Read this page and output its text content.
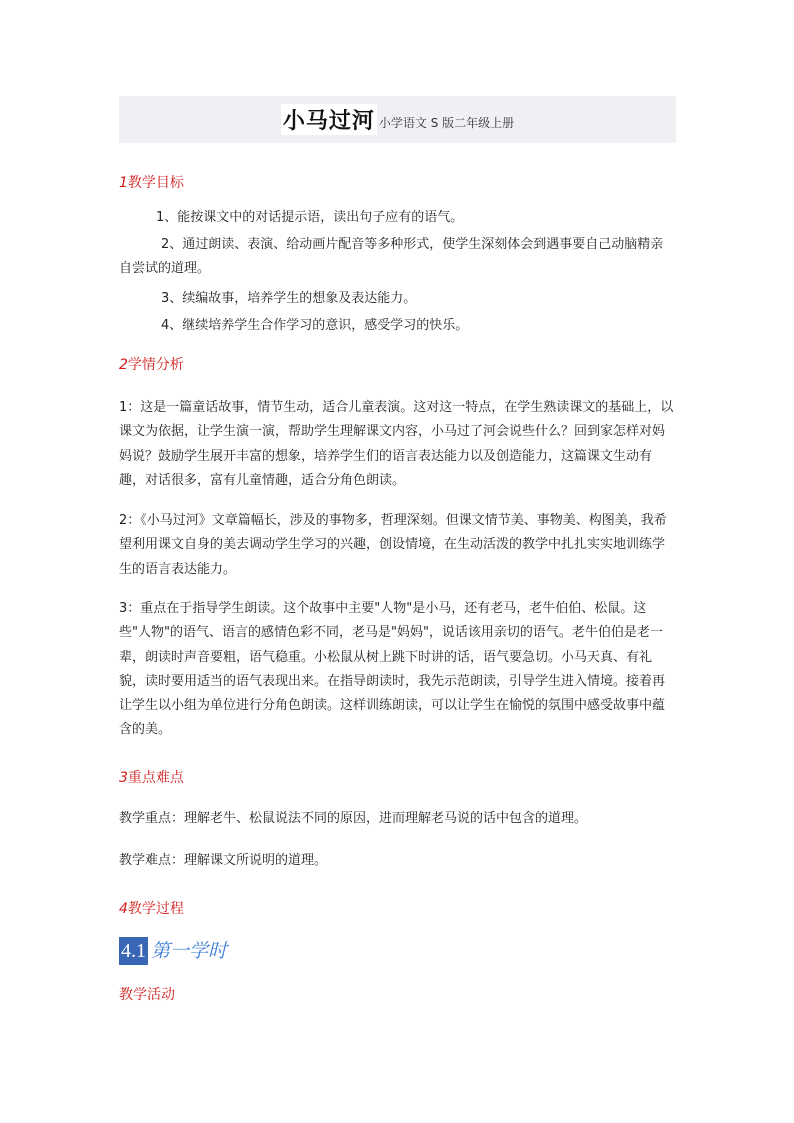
小马过河 小学语文 S 版二年级上册
1教学目标
1、能按课文中的对话提示语，读出句子应有的语气。
2、通过朗读、表演、给动画片配音等多种形式，使学生深刻体会到遇事要自己动脑精亲自尝试的道理。
3、续编故事，培养学生的想象及表达能力。
4、继续培养学生合作学习的意识，感受学习的快乐。
2学情分析
1：这是一篇童话故事，情节生动，适合儿童表演。这对这一特点，在学生熟读课文的基础上，以课文为依据，让学生演一演，帮助学生理解课文内容，小马过了河会说些什么？回到家怎样对妈妈说？鼓励学生展开丰富的想象，培养学生们的语言表达能力以及创造能力，这篇课文生动有趣，对话很多，富有儿童情趣，适合分角色朗读。
2：《小马过河》文章篇幅长，涉及的事物多，哲理深刻。但课文情节美、事物美、构图美，我希望利用课文自身的美去调动学生学习的兴趣，创设情境，在生动活泼的教学中扎扎实实地训练学生的语言表达能力。
3：重点在于指导学生朗读。这个故事中主要"人物"是小马，还有老马，老牛伯伯、松鼠。这些"人物"的语气、语言的感情色彩不同，老马是"妈妈"，说话该用亲切的语气。老牛伯伯是老一辈，朗读时声音要粗，语气稳重。小松鼠从树上跳下时讲的话，语气要急切。小马天真、有礼貌，读时要用适当的语气表现出来。在指导朗读时，我先示范朗读，引导学生进入情境。接着再让学生以小组为单位进行分角色朗读。这样训练朗读，可以让学生在愉悦的氛围中感受故事中蕴含的美。
3重点难点
教学重点：理解老牛、松鼠说法不同的原因，进而理解老马说的话中包含的道理。
教学难点：理解课文所说明的道理。
4教学过程
4.1 第一学时
教学活动
